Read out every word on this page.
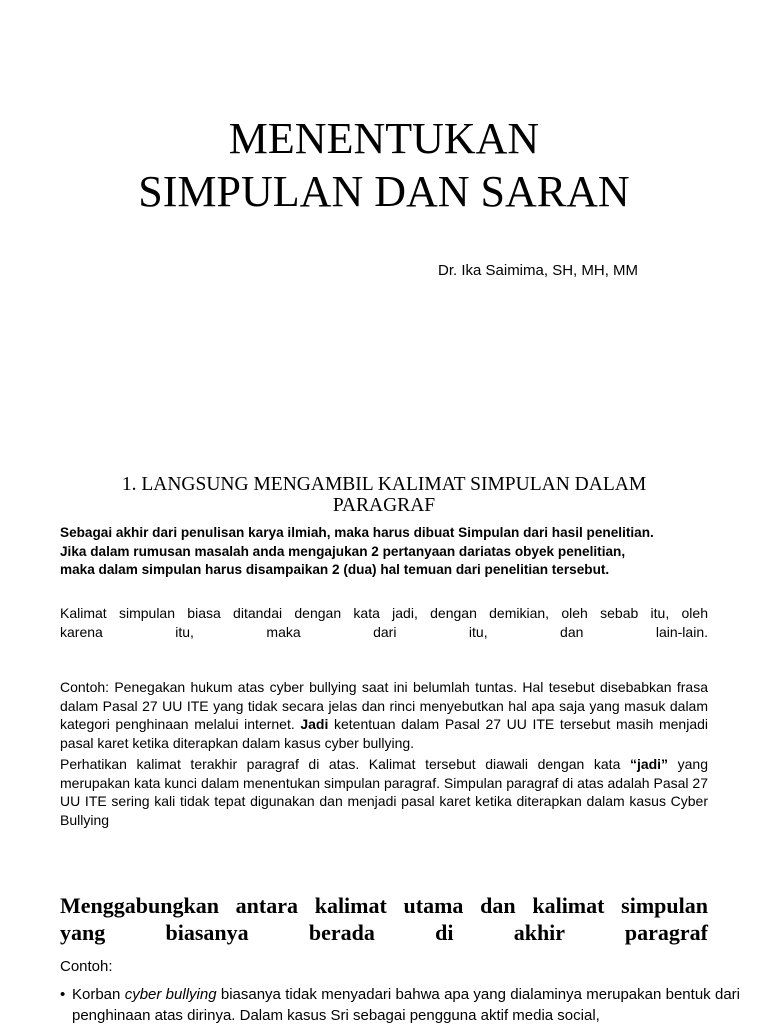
MENENTUKAN
SIMPULAN DAN SARAN
Dr. Ika Saimima, SH, MH, MM
1. LANGSUNG MENGAMBIL KALIMAT SIMPULAN DALAM
PARAGRAF
Sebagai akhir dari penulisan karya ilmiah, maka harus dibuat Simpulan dari hasil penelitian.
Jika dalam rumusan masalah anda mengajukan 2 pertanyaan dariatas obyek penelitian,
maka dalam simpulan harus disampaikan 2 (dua) hal temuan dari penelitian tersebut.
Kalimat simpulan biasa ditandai dengan kata jadi, dengan demikian, oleh sebab itu, oleh
karena itu, maka dari itu, dan lain-lain.
Contoh: Penegakan hukum atas cyber bullying saat ini belumlah tuntas. Hal tesebut disebabkan frasa dalam Pasal 27 UU ITE yang tidak secara jelas dan rinci menyebutkan hal apa saja yang masuk dalam kategori penghinaan melalui internet. Jadi ketentuan dalam Pasal 27 UU ITE tersebut masih menjadi pasal karet ketika diterapkan dalam kasus cyber bullying.
Perhatikan kalimat terakhir paragraf di atas. Kalimat tersebut diawali dengan kata “jadi” yang merupakan kata kunci dalam menentukan simpulan paragraf. Simpulan paragraf di atas adalah Pasal 27 UU ITE sering kali tidak tepat digunakan dan menjadi pasal karet ketika diterapkan dalam kasus Cyber Bullying
Menggabungkan antara kalimat utama dan kalimat simpulan
yang biasanya berada di akhir paragraf
Contoh:
• Korban cyber bullying biasanya tidak menyadari bahwa apa yang dialaminya merupakan bentuk dari penghinaan atas dirinya. Dalam kasus Sri sebagai pengguna aktif media social,
